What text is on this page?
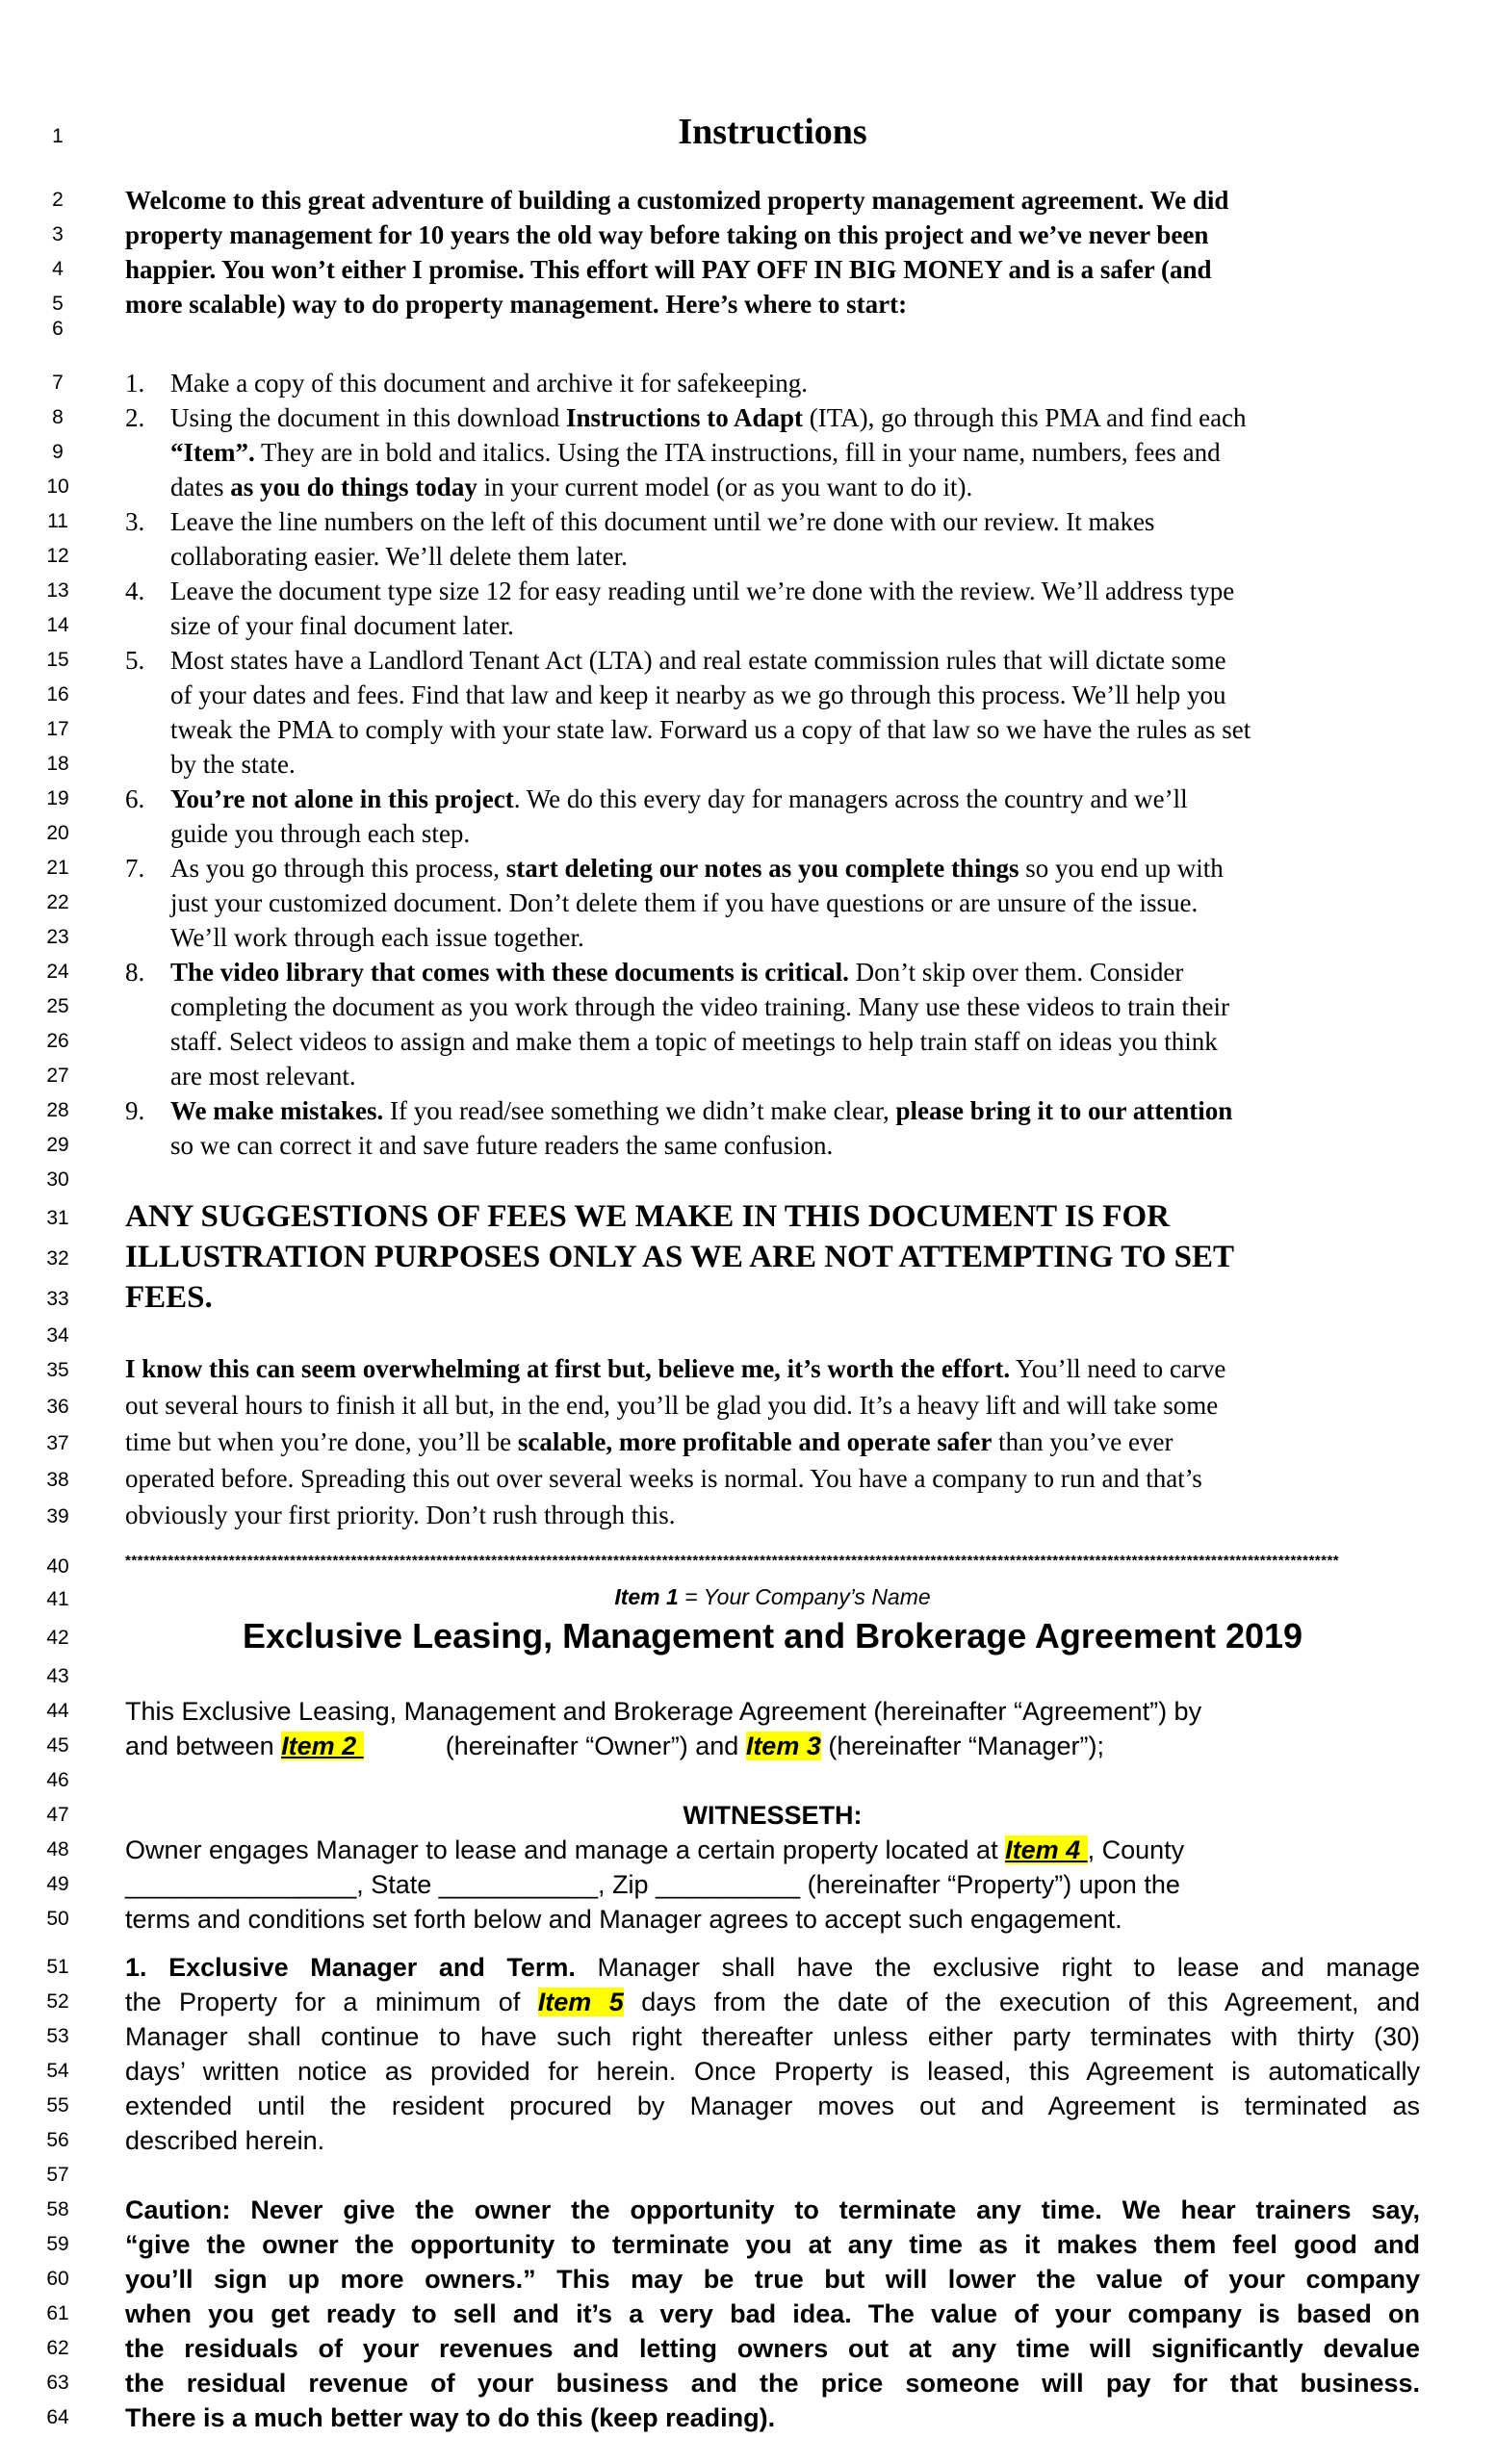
1
2
3
4
5
6
7
8
9
10
11
12
13
14
15
16
17
18
19
20
21
22
23
24
25
26
27
28
29
30
31
32
33
34
35
36
37
38
39
40
41
42
43
44
45
46
47
48
49
50
51
52
53
54
55
56
57
58
59
60
61
62
63
64
Instructions
Welcome to this great adventure of building a customized property management agreement. We did
property management for 10 years the old way before taking on this project and we’ve never been
happier. You won’t either I promise. This effort will PAY OFF IN BIG MONEY and is a safer (and
more scalable) way to do property management. Here’s where to start:
1. Make a copy of this document and archive it for safekeeping.
2. Using the document in this download Instructions to Adapt (ITA), go through this PMA and find each
“Item”. They are in bold and italics. Using the ITA instructions, fill in your name, numbers, fees and
dates as you do things today in your current model (or as you want to do it).
3. Leave the line numbers on the left of this document until we’re done with our review. It makes
collaborating easier. We’ll delete them later.
4. Leave the document type size 12 for easy reading until we’re done with the review. We’ll address type
size of your final document later.
5. Most states have a Landlord Tenant Act (LTA) and real estate commission rules that will dictate some
of your dates and fees. Find that law and keep it nearby as we go through this process. We’ll help you
tweak the PMA to comply with your state law. Forward us a copy of that law so we have the rules as set
by the state.
6. You’re not alone in this project. We do this every day for managers across the country and we’ll
guide you through each step.
7. As you go through this process, start deleting our notes as you complete things so you end up with
just your customized document. Don’t delete them if you have questions or are unsure of the issue.
We’ll work through each issue together.
8. The video library that comes with these documents is critical. Don’t skip over them. Consider
completing the document as you work through the video training. Many use these videos to train their
staff. Select videos to assign and make them a topic of meetings to help train staff on ideas you think
are most relevant.
9. We make mistakes. If you read/see something we didn’t make clear, please bring it to our attention
so we can correct it and save future readers the same confusion.
ANY SUGGESTIONS OF FEES WE MAKE IN THIS DOCUMENT IS FOR
ILLUSTRATION PURPOSES ONLY AS WE ARE NOT ATTEMPTING TO SET
FEES.
I know this can seem overwhelming at first but, believe me, it’s worth the effort. You’ll need to carve
out several hours to finish it all but, in the end, you’ll be glad you did. It’s a heavy lift and will take some
time but when you’re done, you’ll be scalable, more profitable and operate safer than you’ve ever
operated before. Spreading this out over several weeks is normal. You have a company to run and that’s
obviously your first priority. Don’t rush through this.
*******************************************************************************************************************************************************************************************************
Item 1 = Your Company’s Name
Exclusive Leasing, Management and Brokerage Agreement 2019
This Exclusive Leasing, Management and Brokerage Agreement (hereinafter “Agreement”) by
and between Item 2	(hereinafter “Owner”) and Item 3 (hereinafter “Manager”);
WITNESSETH:
Owner engages Manager to lease and manage a certain property located at Item 4 , County
________________, State ___________, Zip __________ (hereinafter “Property”) upon the
terms and conditions set forth below and Manager agrees to accept such engagement.
1. Exclusive Manager and Term. Manager shall have the exclusive right to lease and manage
the Property for a minimum of Item 5 days from the date of the execution of this Agreement, and
Manager shall continue to have such right thereafter unless either party terminates with thirty (30)
days’ written notice as provided for herein. Once Property is leased, this Agreement is automatically
extended until the resident procured by Manager moves out and Agreement is terminated as
described herein.
Caution: Never give the owner the opportunity to terminate any time. We hear trainers say,
“give the owner the opportunity to terminate you at any time as it makes them feel good and
you’ll sign up more owners.” This may be true but will lower the value of your company
when you get ready to sell and it’s a very bad idea. The value of your company is based on
the residuals of your revenues and letting owners out at any time will significantly devalue
the residual revenue of your business and the price someone will pay for that business.
There is a much better way to do this (keep reading).
